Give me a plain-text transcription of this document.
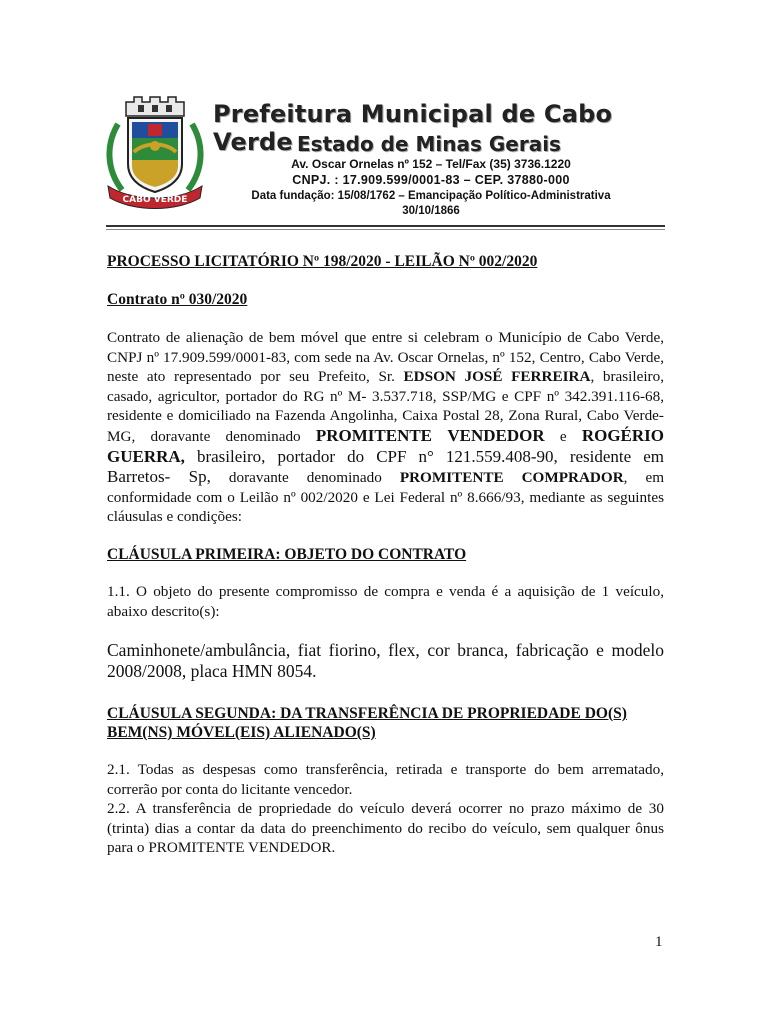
CABO VERDE
Prefeitura Municipal de Cabo Verde Estado de Minas Gerais
Av. Oscar Ornelas nº 152 – Tel/Fax (35) 3736.1220
CNPJ. : 17.909.599/0001-83 – CEP. 37880-000
Data fundação: 15/08/1762 – Emancipação Político-Administrativa
30/10/1866
PROCESSO LICITATÓRIO Nº 198/2020 - LEILÃO Nº 002/2020
Contrato nº 030/2020
Contrato de alienação de bem móvel que entre si celebram o Município de Cabo Verde, CNPJ nº 17.909.599/0001-83, com sede na Av. Oscar Ornelas, nº 152, Centro, Cabo Verde, neste ato representado por seu Prefeito, Sr. EDSON JOSÉ FERREIRA, brasileiro, casado, agricultor, portador do RG nº M- 3.537.718, SSP/MG e CPF nº 342.391.116-68, residente e domiciliado na Fazenda Angolinha, Caixa Postal 28, Zona Rural, Cabo Verde-MG, doravante denominado PROMITENTE VENDEDOR e ROGÉRIO GUERRA, brasileiro, portador do CPF n° 121.559.408-90, residente em Barretos- Sp, doravante denominado PROMITENTE COMPRADOR, em conformidade com o Leilão nº 002/2020 e Lei Federal nº 8.666/93, mediante as seguintes cláusulas e condições:
CLÁUSULA PRIMEIRA: OBJETO DO CONTRATO
1.1. O objeto do presente compromisso de compra e venda é a aquisição de 1 veículo, abaixo descrito(s):
Caminhonete/ambulância, fiat fiorino, flex, cor branca, fabricação e modelo 2008/2008, placa HMN 8054.
CLÁUSULA SEGUNDA: DA TRANSFERÊNCIA DE PROPRIEDADE DO(S) BEM(NS) MÓVEL(EIS) ALIENADO(S)
2.1. Todas as despesas como transferência, retirada e transporte do bem arrematado, correrão por conta do licitante vencedor.
2.2. A transferência de propriedade do veículo deverá ocorrer no prazo máximo de 30 (trinta) dias a contar da data do preenchimento do recibo do veículo, sem qualquer ônus para o PROMITENTE VENDEDOR.
1
